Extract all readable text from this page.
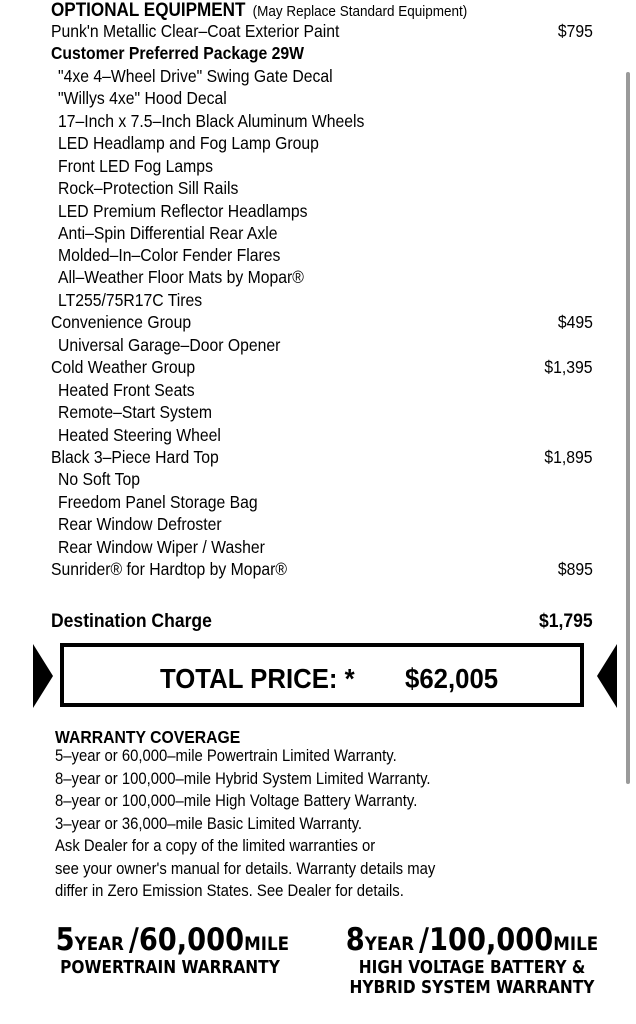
OPTIONAL EQUIPMENT (May Replace Standard Equipment)
Punk'n Metallic Clear–Coat Exterior Paint	$795
Customer Preferred Package 29W
"4xe 4–Wheel Drive" Swing Gate Decal
"Willys 4xe" Hood Decal
17–Inch x 7.5–Inch Black Aluminum Wheels
LED Headlamp and Fog Lamp Group
Front LED Fog Lamps
Rock–Protection Sill Rails
LED Premium Reflector Headlamps
Anti–Spin Differential Rear Axle
Molded–In–Color Fender Flares
All–Weather Floor Mats by Mopar®
LT255/75R17C Tires
Convenience Group	$495
Universal Garage–Door Opener
Cold Weather Group	$1,395
Heated Front Seats
Remote–Start System
Heated Steering Wheel
Black 3–Piece Hard Top	$1,895
No Soft Top
Freedom Panel Storage Bag
Rear Window Defroster
Rear Window Wiper / Washer
Sunrider® for Hardtop by Mopar®	$895
Destination Charge	$1,795
TOTAL PRICE: * $62,005
WARRANTY COVERAGE
5–year or 60,000–mile Powertrain Limited Warranty.
8–year or 100,000–mile Hybrid System Limited Warranty.
8–year or 100,000–mile High Voltage Battery Warranty.
3–year or 36,000–mile Basic Limited Warranty.
Ask Dealer for a copy of the limited warranties or
see your owner's manual for details. Warranty details may
differ in Zero Emission States. See Dealer for details.
5YEAR /60,000MILE
POWERTRAIN WARRANTY
8YEAR /100,000MILE
HIGH VOLTAGE BATTERY &
HYBRID SYSTEM WARRANTY
